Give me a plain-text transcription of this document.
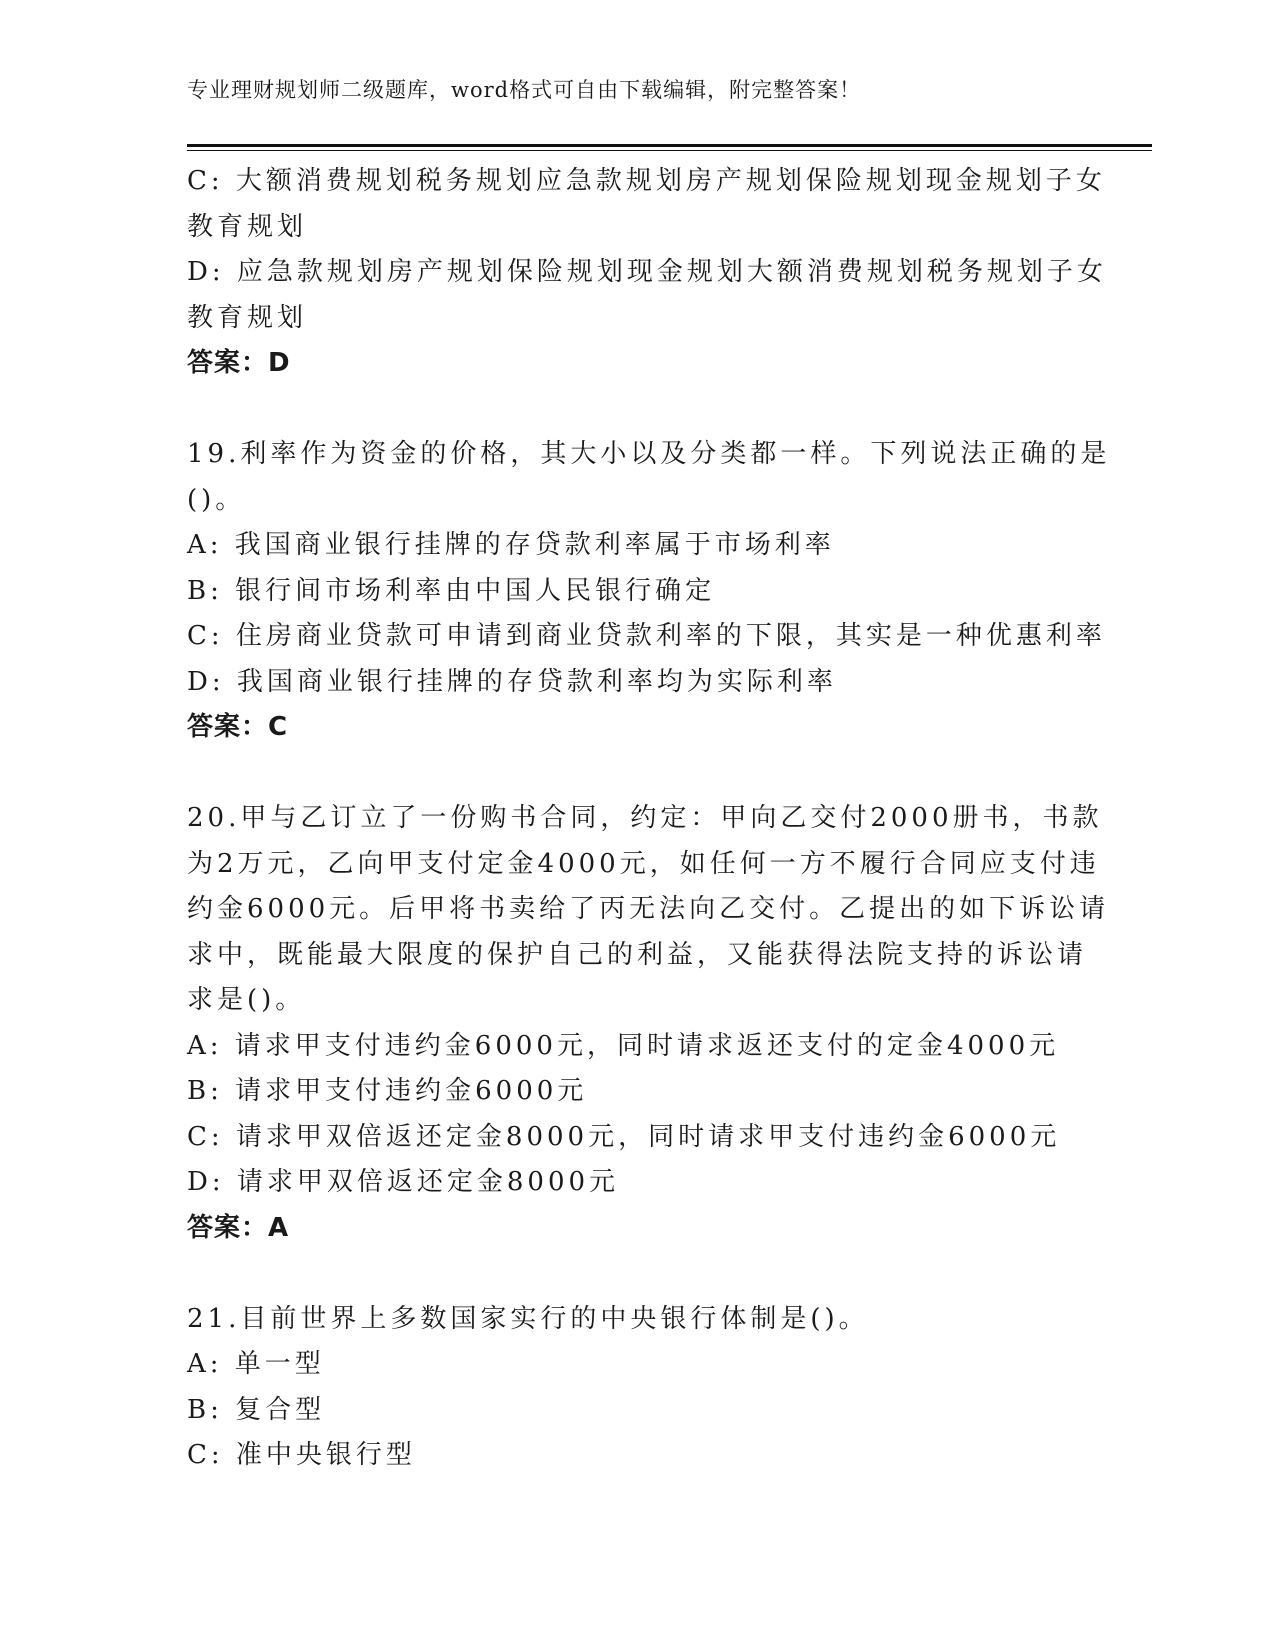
专业理财规划师二级题库，word格式可自由下载编辑，附完整答案！
C: 大额消费规划税务规划应急款规划房产规划保险规划现金规划子女
教育规划
D: 应急款规划房产规划保险规划现金规划大额消费规划税务规划子女
教育规划
答案：D
19.利率作为资金的价格，其大小以及分类都一样。下列说法正确的是
()。
A: 我国商业银行挂牌的存贷款利率属于市场利率
B: 银行间市场利率由中国人民银行确定
C: 住房商业贷款可申请到商业贷款利率的下限，其实是一种优惠利率
D: 我国商业银行挂牌的存贷款利率均为实际利率
答案：C
20.甲与乙订立了一份购书合同，约定：甲向乙交付2000册书，书款
为2万元，乙向甲支付定金4000元，如任何一方不履行合同应支付违
约金6000元。后甲将书卖给了丙无法向乙交付。乙提出的如下诉讼请
求中，既能最大限度的保护自己的利益，又能获得法院支持的诉讼请
求是()。
A: 请求甲支付违约金6000元，同时请求返还支付的定金4000元
B: 请求甲支付违约金6000元
C: 请求甲双倍返还定金8000元，同时请求甲支付违约金6000元
D: 请求甲双倍返还定金8000元
答案：A
21.目前世界上多数国家实行的中央银行体制是()。
A: 单一型
B: 复合型
C: 准中央银行型
